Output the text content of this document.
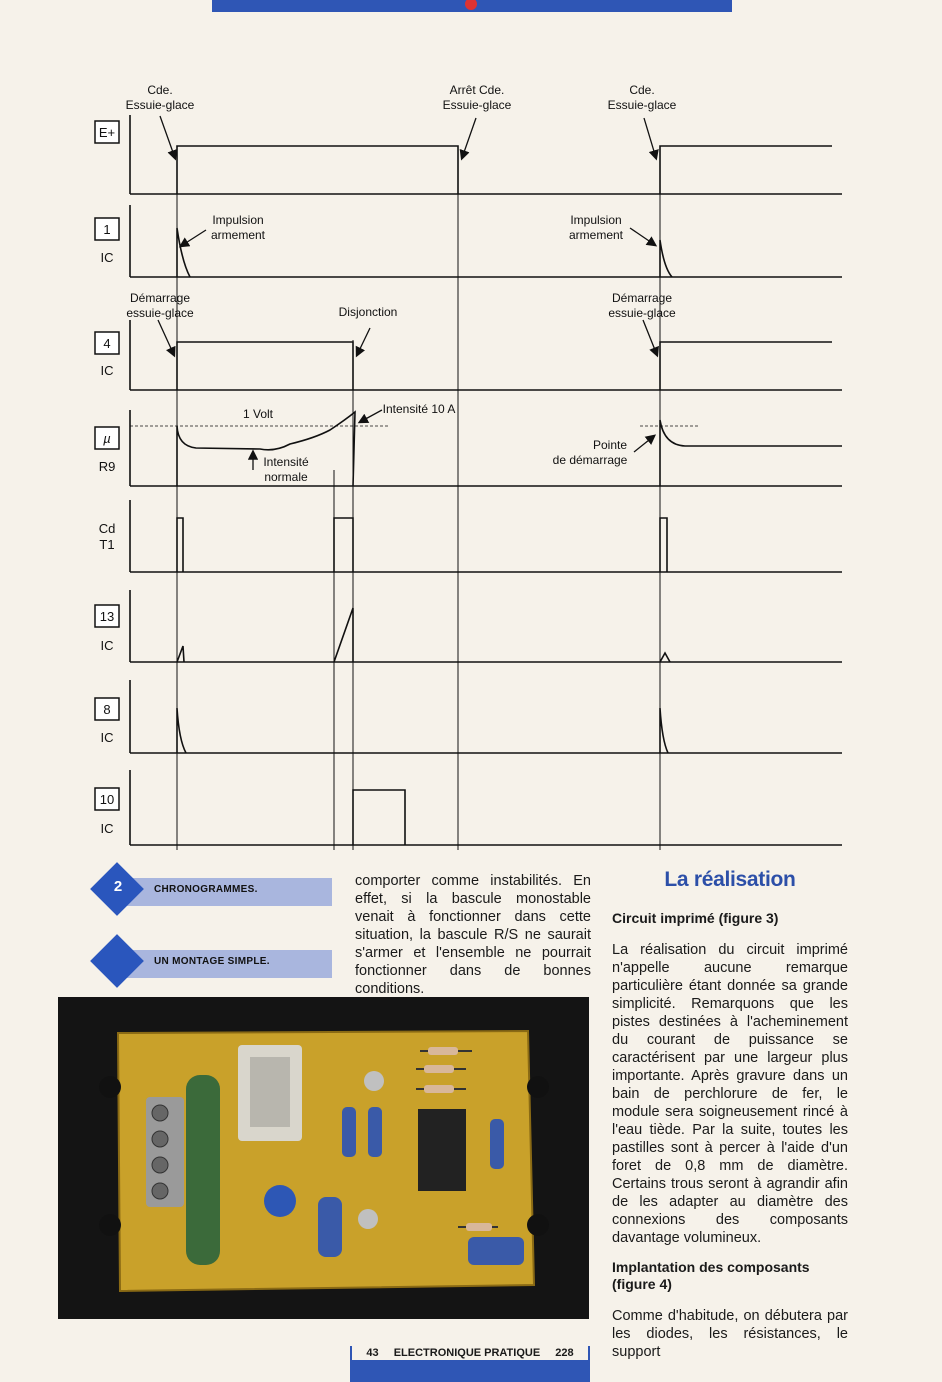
E+
1
IC
4
IC
µ
R9
Cd
T1
13
IC
8
IC
10
IC
Cde.
Essuie-glace
Arrêt Cde.
Essuie-glace
Cde.
Essuie-glace
Impulsion
armement
Impulsion
armement
Démarrage
essuie-glace	Disjonction
Démarrage
essuie-glace
1 Volt	Intensité 10 A
Intensité
normale
Pointe
de démarrage
2	CHRONOGRAMMES.
UN MONTAGE SIMPLE.
comporter comme instabilités. En effet, si la bascule monostable venait à fonctionner dans cette situation, la bascule R/S ne saurait s'armer et l'ensemble ne pourrait fonctionner dans de bonnes conditions.
La réalisation
Circuit imprimé (figure 3)

La réalisation du circuit imprimé n'appelle aucune remarque particulière étant donnée sa grande simplicité. Remarquons que les pistes destinées à l'acheminement du courant de puissance se caractérisent par une largeur plus importante. Après gravure dans un bain de perchlorure de fer, le module sera soigneusement rincé à l'eau tiède. Par la suite, toutes les pastilles sont à percer à l'aide d'un foret de 0,8 mm de diamètre. Certains trous seront à agrandir afin de les adapter au diamètre des connexions des composants davantage volumineux.

Implantation des composants (figure 4)

Comme d'habitude, on débutera par les diodes, les résistances, le support

43 ELECTRONIQUE PRATIQUE 228
